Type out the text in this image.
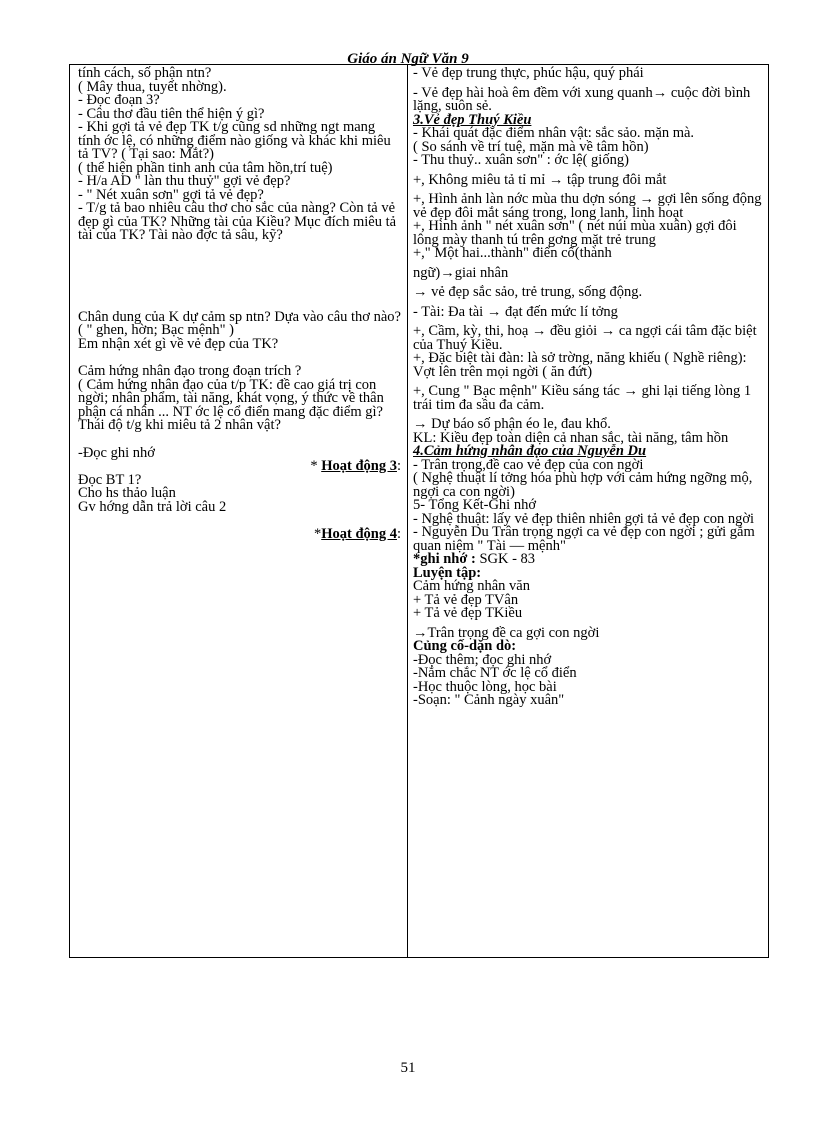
Giáo án Ngữ Văn 9

tính cách, số phận ntn?

( Mây thua, tuyết nhờng).

- Đọc đoạn 3?

- Câu thơ đầu tiên thể hiện ý gì?

- Khi gợi tả vẻ đẹp TK t/g cũng sd những ngt mang tính ớc lệ, có những điểm nào giống và khác khi miêu tả TV? ( Tại sao: Mắt?)

( thể hiện phần tinh anh của tâm hồn,trí tuệ)

- H/a AD " làn thu thuỷ" gợi vẻ đẹp?

- " Nét xuân sơn" gợi tả vẻ đẹp?

- T/g tả bao nhiêu câu thơ cho sắc của nàng? Còn tả vẻ đẹp gì của TK? Những tài của Kiều? Mục đích miêu tả tài của TK? Tài nào đợc tả sâu, kỹ?

Chân dung của K dự cảm sp ntn? Dựa vào câu thơ nào?

( " ghen, hờn; Bạc mệnh" )

Em nhận xét gì về vẻ đẹp của TK?

Cảm hứng nhân đạo trong đoạn trích ?

( Cảm hứng nhân đạo của t/p TK: đề cao giá trị con ngời; nhân phẩm, tài năng, khát vọng, ý thức về thân phận cá nhân ... NT ớc lệ cổ điển mang đặc điểm gì?

Thái độ t/g khi miêu tả 2 nhân vật?

-Đọc ghi nhớ

* Hoạt động 3:

Đọc BT 1?

Cho hs thảo luận

Gv hớng dẫn trả lời câu 2

*Hoạt động 4:

- Vẻ đẹp trung thực, phúc hậu, quý phái

- Vẻ đẹp hài hoà êm đềm với xung quanh→ cuộc đời bình lặng, suôn sẻ.

3.Vẻ đẹp Thuý Kiều

- Khái quát đặc điểm nhân vật: sắc sảo. mặn mà.

( So sánh về trí tuệ, mặn mà về tâm hồn)

- Thu thuỷ.. xuân sơn" : ớc lệ( giống)

+, Không miêu tả tỉ mỉ → tập trung đôi mắt

+, Hình ảnh làn nớc mùa thu dợn sóng → gợi lên sống động vẻ đẹp đôi mắt sáng trong, long lanh, linh hoạt

+, Hình ảnh " nét xuân sơn" ( nét núi mùa xuân) gợi đôi lông mày thanh tú trên gơng mặt trẻ trung

+," Một hai...thành" điển cố(thành

ngữ)→giai nhân

→ vẻ đẹp sắc sảo, trẻ trung, sống động.

- Tài: Đa tài → đạt đến mức lí tởng

+, Cầm, kỳ, thi, hoạ → đều giỏi → ca ngợi cái tâm đặc biệt của Thuý Kiều.

+, Đặc biệt tài đàn: là sở trờng, năng khiếu ( Nghề riêng): Vợt lên trên mọi ngời ( ăn đứt)

+, Cung " Bạc mệnh" Kiều sáng tác → ghi lại tiếng lòng 1 trái tim đa sầu đa cảm.

→ Dự báo số phận éo le, đau khổ.

KL: Kiều đẹp toàn diện cả nhan sắc, tài năng, tâm hồn

4.Cảm hứng nhân đạo của Nguyễn Du

- Trân trọng,đề cao vẻ đẹp của con ngời

( Nghệ thuật lí tởng hóa phù hợp với cảm hứng ngỡng mộ, ngợi ca con ngời)

5- Tổng Kết-Ghi nhớ

- Nghệ thuật: lấy vẻ đẹp thiên nhiên gợi tả vẻ đẹp con ngời

- Nguyễn Du Trân trọng ngợi ca vẻ đẹp con ngời ; gửi gắm quan niệm " Tài — mệnh"

*ghi nhớ : SGK - 83

Luyện tập:

Cảm hứng nhân văn

+ Tả vẻ đẹp TVân

+ Tả vẻ đẹp TKiều

→Trân trọng đề ca gợi con ngời

Củng cố-dặn dò:

-Đọc thêm; đọc ghi nhớ

-Nắm chắc NT ớc lệ cổ điển

-Học thuộc lòng, học bài

-Soạn: " Cảnh ngày xuân"

51
